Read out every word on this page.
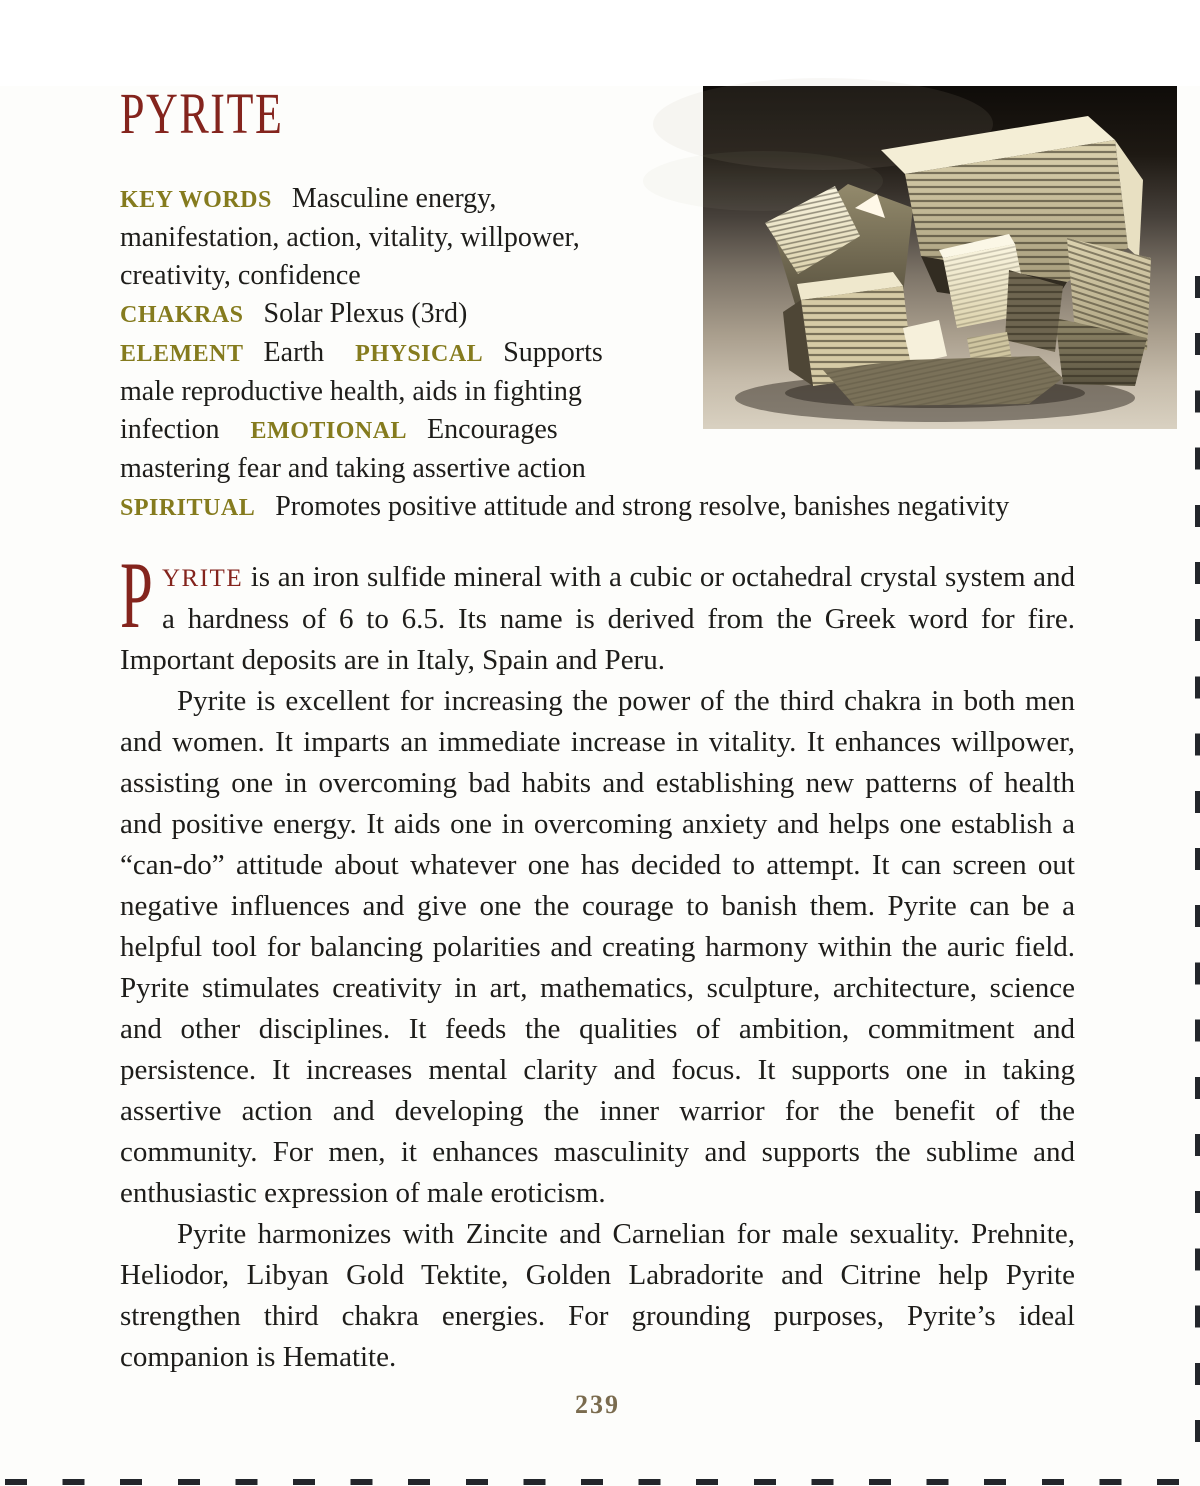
PYRITE

KEY WORDS Masculine energy, manifestation, action, vitality, willpower, creativity, confidence

CHAKRAS Solar Plexus (3rd)

ELEMENT Earth PHYSICAL Supports male reproductive health, aids in fighting infection EMOTIONAL Encourages mastering fear and taking assertive action

SPIRITUAL Promotes positive attitude and strong resolve, banishes negativity

PYRITE is an iron sulfide mineral with a cubic or octahedral crystal system and a hardness of 6 to 6.5. Its name is derived from the Greek word for fire. Important deposits are in Italy, Spain and Peru.

Pyrite is excellent for increasing the power of the third chakra in both men and women. It imparts an immediate increase in vitality. It enhances willpower, assisting one in overcoming bad habits and establishing new patterns of health and positive energy. It aids one in overcoming anxiety and helps one establish a “can-do” attitude about whatever one has decided to attempt. It can screen out negative influences and give one the courage to banish them. Pyrite can be a helpful tool for balancing polarities and creating harmony within the auric field. Pyrite stimulates creativity in art, mathematics, sculpture, architecture, science and other disciplines. It feeds the qualities of ambition, commitment and persistence. It increases mental clarity and focus. It supports one in taking assertive action and developing the inner warrior for the benefit of the community. For men, it enhances masculinity and supports the sublime and enthusiastic expression of male eroticism.

Pyrite harmonizes with Zincite and Carnelian for male sexuality. Prehnite, Heliodor, Libyan Gold Tektite, Golden Labradorite and Citrine help Pyrite strengthen third chakra energies. For grounding purposes, Pyrite’s ideal companion is Hematite.

239
